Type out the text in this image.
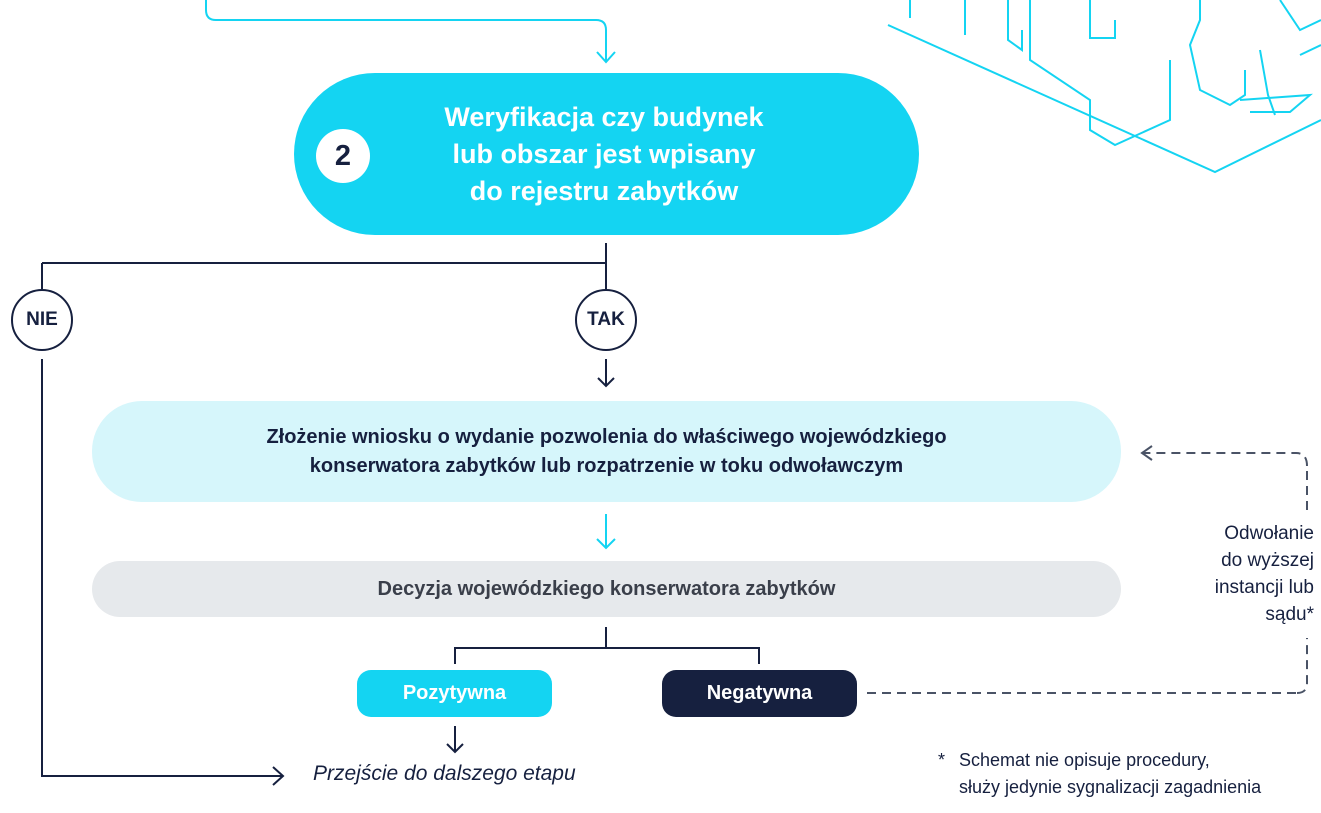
Weryfikacja czy budynek
lub obszar jest wpisany
do rejestru zabytków
2
NIE	TAK
Złożenie wniosku o wydanie pozwolenia do właściwego wojewódzkiego
konserwatora zabytków lub rozpatrzenie w toku odwoławczym
Decyzja wojewódzkiego konserwatora zabytków
Pozytywna	Negatywna
Przejście do dalszego etapu
Odwołanie
do wyższej
instancji lub
sądu*
* Schemat nie opisuje procedury,
służy jedynie sygnalizacji zagadnienia
